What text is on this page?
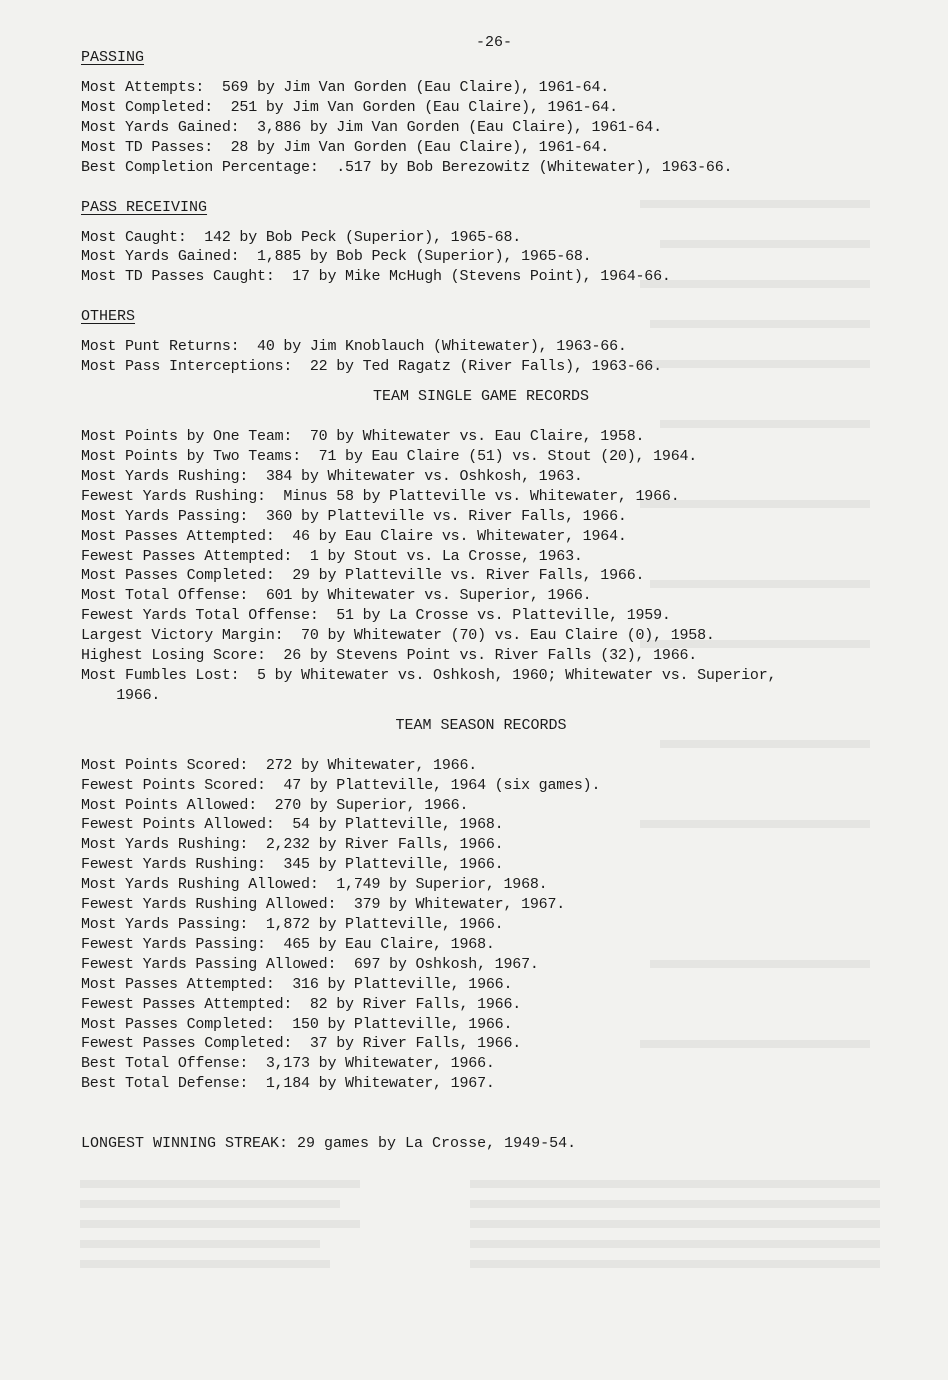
-26-
PASSING
Most Attempts:  569 by Jim Van Gorden (Eau Claire), 1961-64.
Most Completed:  251 by Jim Van Gorden (Eau Claire), 1961-64.
Most Yards Gained:  3,886 by Jim Van Gorden (Eau Claire), 1961-64.
Most TD Passes:  28 by Jim Van Gorden (Eau Claire), 1961-64.
Best Completion Percentage:  .517 by Bob Berezowitz (Whitewater), 1963-66.
PASS RECEIVING
Most Caught:  142 by Bob Peck (Superior), 1965-68.
Most Yards Gained:  1,885 by Bob Peck (Superior), 1965-68.
Most TD Passes Caught:  17 by Mike McHugh (Stevens Point), 1964-66.
OTHERS
Most Punt Returns:  40 by Jim Knoblauch (Whitewater), 1963-66.
Most Pass Interceptions:  22 by Ted Ragatz (River Falls), 1963-66.
TEAM SINGLE GAME RECORDS
Most Points by One Team:  70 by Whitewater vs. Eau Claire, 1958.
Most Points by Two Teams:  71 by Eau Claire (51) vs. Stout (20), 1964.
Most Yards Rushing:  384 by Whitewater vs. Oshkosh, 1963.
Fewest Yards Rushing:  Minus 58 by Platteville vs. Whitewater, 1966.
Most Yards Passing:  360 by Platteville vs. River Falls, 1966.
Most Passes Attempted:  46 by Eau Claire vs. Whitewater, 1964.
Fewest Passes Attempted:  1 by Stout vs. La Crosse, 1963.
Most Passes Completed:  29 by Platteville vs. River Falls, 1966.
Most Total Offense:  601 by Whitewater vs. Superior, 1966.
Fewest Yards Total Offense:  51 by La Crosse vs. Platteville, 1959.
Largest Victory Margin:  70 by Whitewater (70) vs. Eau Claire (0), 1958.
Highest Losing Score:  26 by Stevens Point vs. River Falls (32), 1966.
Most Fumbles Lost:  5 by Whitewater vs. Oshkosh, 1960; Whitewater vs. Superior,
1966.
TEAM SEASON RECORDS
Most Points Scored:  272 by Whitewater, 1966.
Fewest Points Scored:  47 by Platteville, 1964 (six games).
Most Points Allowed:  270 by Superior, 1966.
Fewest Points Allowed:  54 by Platteville, 1968.
Most Yards Rushing:  2,232 by River Falls, 1966.
Fewest Yards Rushing:  345 by Platteville, 1966.
Most Yards Rushing Allowed:  1,749 by Superior, 1968.
Fewest Yards Rushing Allowed:  379 by Whitewater, 1967.
Most Yards Passing:  1,872 by Platteville, 1966.
Fewest Yards Passing:  465 by Eau Claire, 1968.
Fewest Yards Passing Allowed:  697 by Oshkosh, 1967.
Most Passes Attempted:  316 by Platteville, 1966.
Fewest Passes Attempted:  82 by River Falls, 1966.
Most Passes Completed:  150 by Platteville, 1966.
Fewest Passes Completed:  37 by River Falls, 1966.
Best Total Offense:  3,173 by Whitewater, 1966.
Best Total Defense:  1,184 by Whitewater, 1967.
LONGEST WINNING STREAK: 29 games by La Crosse, 1949-54.
